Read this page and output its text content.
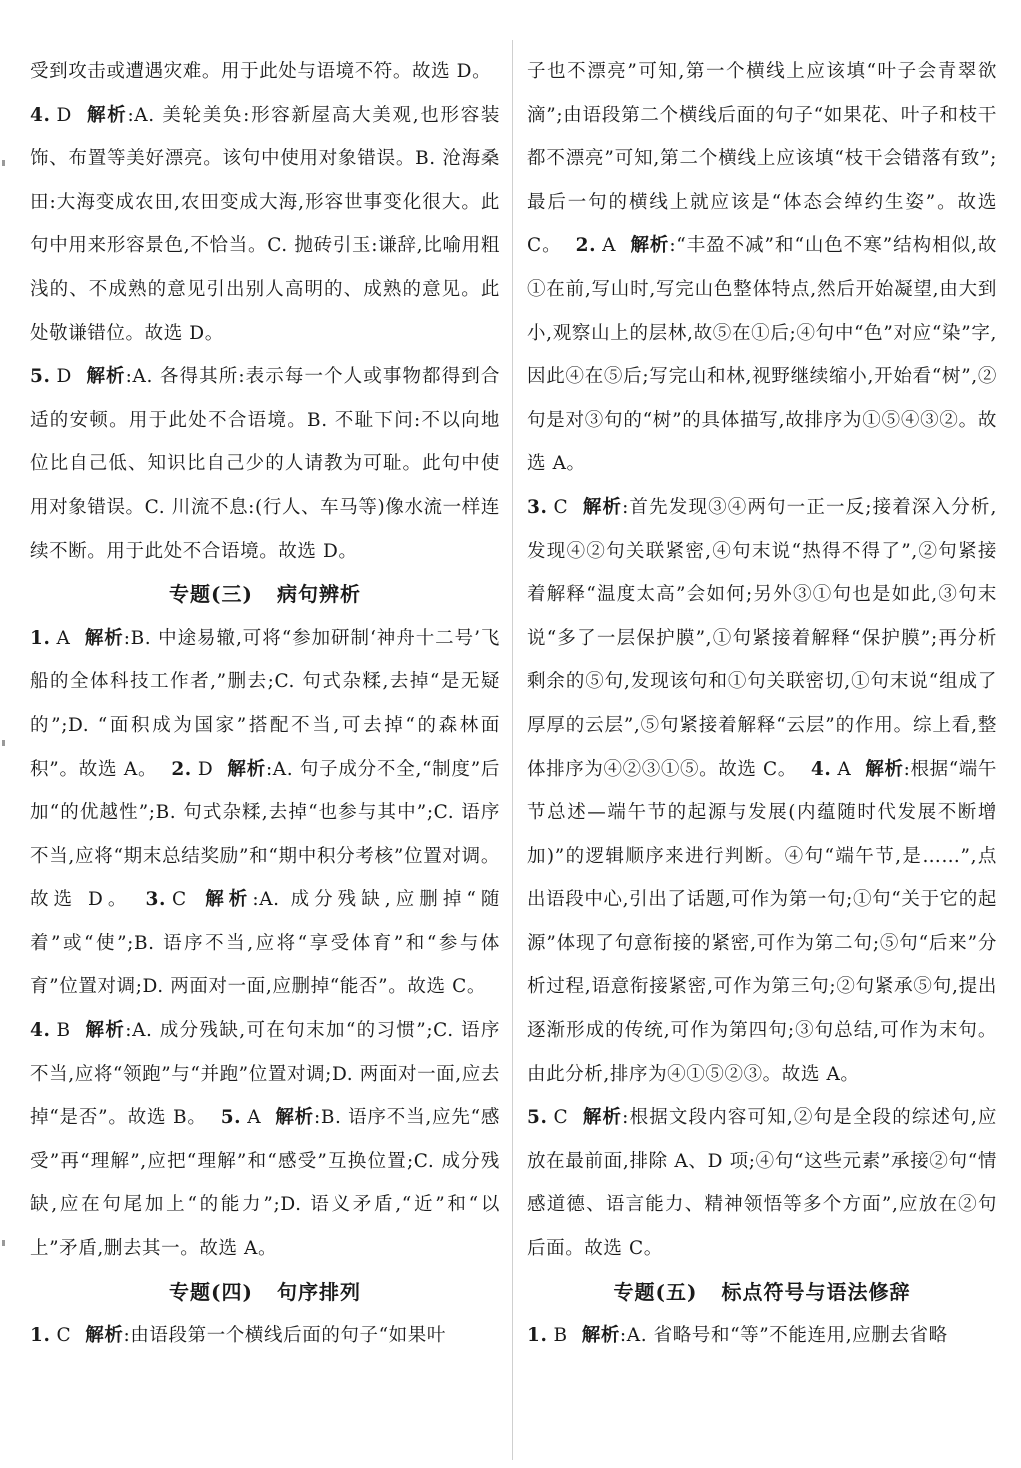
受到攻击或遭遇灾难。用于此处与语境不符。故选 D。

4. D 解析:A. 美轮美奂:形容新屋高大美观,也形容装饰、布置等美好漂亮。该句中使用对象错误。B. 沧海桑田:大海变成农田,农田变成大海,形容世事变化很大。此句中用来形容景色,不恰当。C. 抛砖引玉:谦辞,比喻用粗浅的、不成熟的意见引出别人高明的、成熟的意见。此处敬谦错位。故选 D。

5. D 解析:A. 各得其所:表示每一个人或事物都得到合适的安顿。用于此处不合语境。B. 不耻下问:不以向地位比自己低、知识比自己少的人请教为可耻。此句中使用对象错误。C. 川流不息:(行人、车马等)像水流一样连续不断。用于此处不合语境。故选 D。

专题(三) 病句辨析

1. A 解析:B. 中途易辙,可将“参加研制‘神舟十二号’飞船的全体科技工作者,”删去;C. 句式杂糅,去掉“是无疑的”;D. “面积成为国家”搭配不当,可去掉“的森林面积”。故选 A。 2. D 解析:A. 句子成分不全,“制度”后加“的优越性”;B. 句式杂糅,去掉“也参与其中”;C. 语序不当,应将“期末总结奖励”和“期中积分考核”位置对调。故选 D。 3. C 解析:A. 成分残缺,应删掉“随着”或“使”;B. 语序不当,应将“享受体育”和“参与体育”位置对调;D. 两面对一面,应删掉“能否”。故选 C。4. B 解析:A. 成分残缺,可在句末加“的习惯”;C. 语序不当,应将“领跑”与“并跑”位置对调;D. 两面对一面,应去掉“是否”。故选 B。 5. A 解析:B. 语序不当,应先“感受”再“理解”,应把“理解”和“感受”互换位置;C. 成分残缺,应在句尾加上“的能力”;D. 语义矛盾,“近”和“以上”矛盾,删去其一。故选 A。

专题(四) 句序排列

1. C 解析:由语段第一个横线后面的句子“如果叶

子也不漂亮”可知,第一个横线上应该填“叶子会青翠欲滴”;由语段第二个横线后面的句子“如果花、叶子和枝干都不漂亮”可知,第二个横线上应该填“枝干会错落有致”;最后一句的横线上就应该是“体态会绰约生姿”。故选 C。 2. A 解析:“丰盈不减”和“山色不寒”结构相似,故①在前,写山时,写完山色整体特点,然后开始凝望,由大到小,观察山上的层林,故⑤在①后;④句中“色”对应“染”字,因此④在⑤后;写完山和林,视野继续缩小,开始看“树”,②句是对③句的“树”的具体描写,故排序为①⑤④③②。故选 A。

3. C 解析:首先发现③④两句一正一反;接着深入分析,发现④②句关联紧密,④句末说“热得不得了”,②句紧接着解释“温度太高”会如何;另外③①句也是如此,③句末说“多了一层保护膜”,①句紧接着解释“保护膜”;再分析剩余的⑤句,发现该句和①句关联密切,①句末说“组成了厚厚的云层”,⑤句紧接着解释“云层”的作用。综上看,整体排序为④②③①⑤。故选 C。 4. A 解析:根据“端午节总述—端午节的起源与发展(内蕴随时代发展不断增加)”的逻辑顺序来进行判断。④句“端午节,是……”,点出语段中心,引出了话题,可作为第一句;①句“关于它的起源”体现了句意衔接的紧密,可作为第二句;⑤句“后来”分析过程,语意衔接紧密,可作为第三句;②句紧承⑤句,提出逐渐形成的传统,可作为第四句;③句总结,可作为末句。由此分析,排序为④①⑤②③。故选 A。

5. C 解析:根据文段内容可知,②句是全段的综述句,应放在最前面,排除 A、D 项;④句“这些元素”承接②句“情感道德、语言能力、精神领悟等多个方面”,应放在②句后面。故选 C。

专题(五) 标点符号与语法修辞

1. B 解析:A. 省略号和“等”不能连用,应删去省略
